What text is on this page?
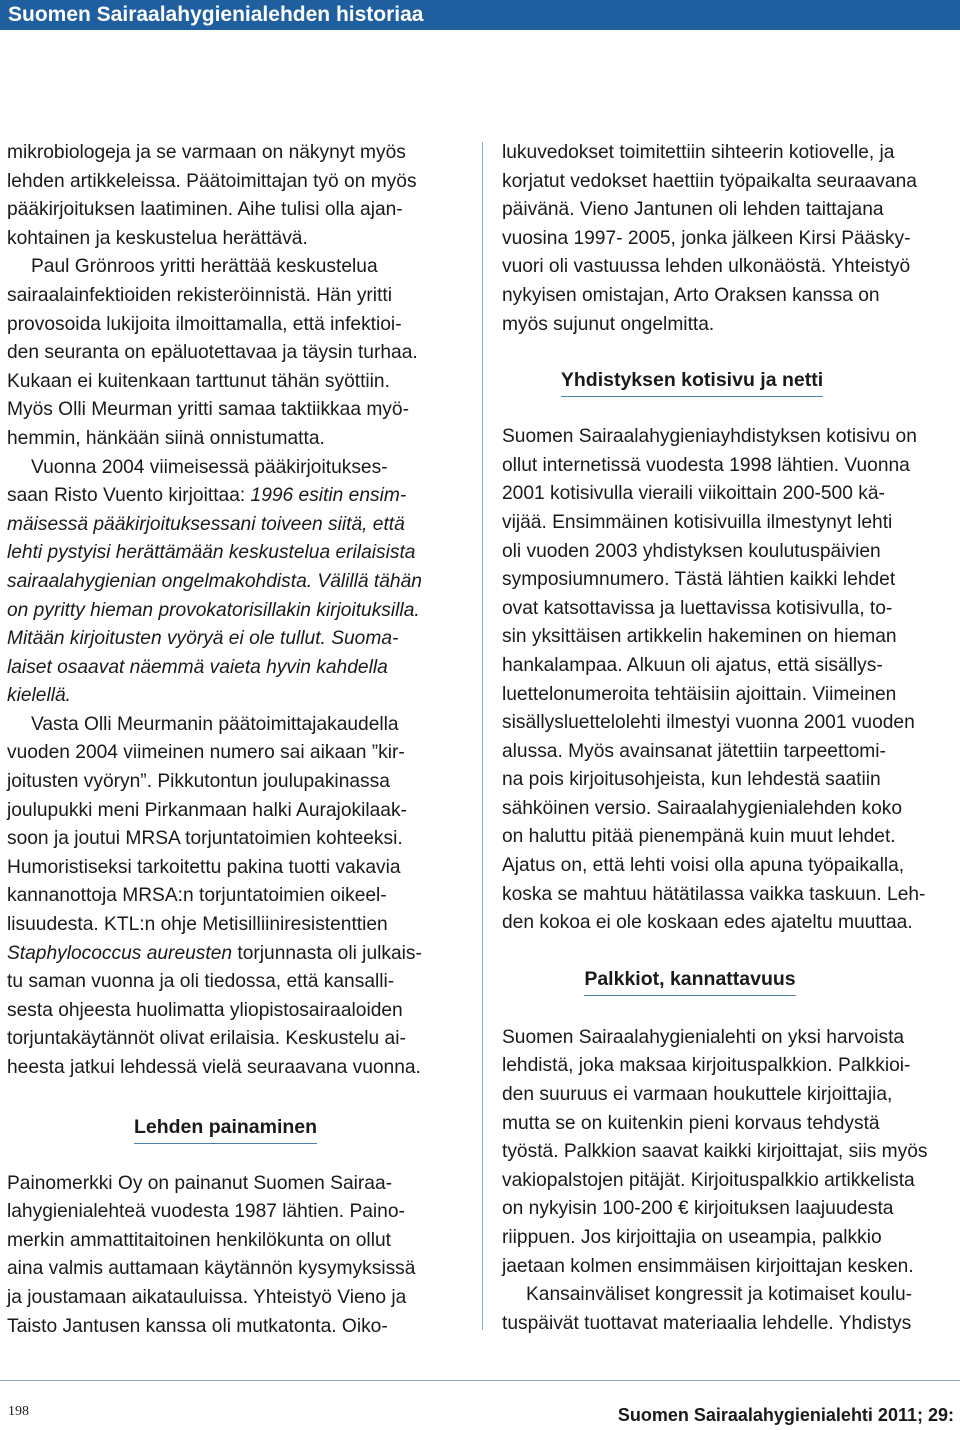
Suomen Sairaalahygienialehden historiaa
mikrobiologeja ja se varmaan on näkynyt myös
lehden artikkeleissa. Päätoimittajan työ on myös
pääkirjoituksen laatiminen. Aihe tulisi olla ajan-
kohtainen ja keskustelua herättävä.
Paul Grönroos yritti herättää keskustelua
sairaalainfektioiden rekisteröinnistä. Hän yritti
provosoida lukijoita ilmoittamalla, että infektioi-
den seuranta on epäluotettavaa ja täysin turhaa.
Kukaan ei kuitenkaan tarttunut tähän syöttiin.
Myös Olli Meurman yritti samaa taktiikkaa myö-
hemmin, hänkään siinä onnistumatta.
Vuonna 2004 viimeisessä pääkirjoitukses-
saan Risto Vuento kirjoittaa: 1996 esitin ensim-
mäisessä pääkirjoituksessani toiveen siitä, että
lehti pystyisi herättämään keskustelua erilaisista
sairaalahygienian ongelmakohdista. Välillä tähän
on pyritty hieman provokatorisillakin kirjoituksilla.
Mitään kirjoitusten vyöryä ei ole tullut. Suoma-
laiset osaavat näemmä vaieta hyvin kahdella
kielellä.
Vasta Olli Meurmanin päätoimittajakaudella
vuoden 2004 viimeinen numero sai aikaan ”kir-
joitusten vyöryn”. Pikkutontun joulupakinassa
joulupukki meni Pirkanmaan halki Aurajokilaak-
soon ja joutui MRSA torjuntatoimien kohteeksi.
Humoristiseksi tarkoitettu pakina tuotti vakavia
kannanottoja MRSA:n torjuntatoimien oikeel-
lisuudesta. KTL:n ohje Metisilliiniresistenttien
Staphylococcus aureusten torjunnasta oli julkais-
tu saman vuonna ja oli tiedossa, että kansalli-
sesta ohjeesta huolimatta yliopistosairaaloiden
torjuntakäytännöt olivat erilaisia. Keskustelu ai-
heesta jatkui lehdessä vielä seuraavana vuonna.
Lehden painaminen
Painomerkki Oy on painanut Suomen Sairaa-
lahygienialehteä vuodesta 1987 lähtien. Paino-
merkin ammattitaitoinen henkilökunta on ollut
aina valmis auttamaan käytännön kysymyksissä
ja joustamaan aikatauluissa. Yhteistyö Vieno ja
Taisto Jantusen kanssa oli mutkatonta. Oiko-
lukuvedokset toimitettiin sihteerin kotiovelle, ja
korjatut vedokset haettiin työpaikalta seuraavana
päivänä. Vieno Jantunen oli lehden taittajana
vuosina 1997- 2005, jonka jälkeen Kirsi Pääsky-
vuori oli vastuussa lehden ulkonäöstä. Yhteistyö
nykyisen omistajan, Arto Oraksen kanssa on
myös sujunut ongelmitta.
Yhdistyksen kotisivu ja netti
Suomen Sairaalahygieniayhdistyksen kotisivu on
ollut internetissä vuodesta 1998 lähtien. Vuonna
2001 kotisivulla vieraili viikoittain 200-500 kä-
vijää. Ensimmäinen kotisivuilla ilmestynyt lehti
oli vuoden 2003 yhdistyksen koulutuspäivien
symposiumnumero. Tästä lähtien kaikki lehdet
ovat katsottavissa ja luettavissa kotisivulla, to-
sin yksittäisen artikkelin hakeminen on hieman
hankalampaa. Alkuun oli ajatus, että sisällys-
luettelonumeroita tehtäisiin ajoittain. Viimeinen
sisällysluettelolehti ilmestyi vuonna 2001 vuoden
alussa. Myös avainsanat jätettiin tarpeettomi-
na pois kirjoitusohjeista, kun lehdestä saatiin
sähköinen versio. Sairaalahygienialehden koko
on haluttu pitää pienempänä kuin muut lehdet.
Ajatus on, että lehti voisi olla apuna työpaikalla,
koska se mahtuu hätätilassa vaikka taskuun. Leh-
den kokoa ei ole koskaan edes ajateltu muuttaa.
Palkkiot, kannattavuus
Suomen Sairaalahygienialehti on yksi harvoista
lehdistä, joka maksaa kirjoituspalkkion. Palkkioi-
den suuruus ei varmaan houkuttele kirjoittajia,
mutta se on kuitenkin pieni korvaus tehdystä
työstä. Palkkion saavat kaikki kirjoittajat, siis myös
vakiopalstojen pitäjät. Kirjoituspalkkio artikkelista
on nykyisin 100-200 € kirjoituksen laajuudesta
riippuen. Jos kirjoittajia on useampia, palkkio
jaetaan kolmen ensimmäisen kirjoittajan kesken.
Kansainväliset kongressit ja kotimaiset koulu-
tuspäivät tuottavat materiaalia lehdelle. Yhdistys
198	Suomen Sairaalahygienialehti 2011; 29:
